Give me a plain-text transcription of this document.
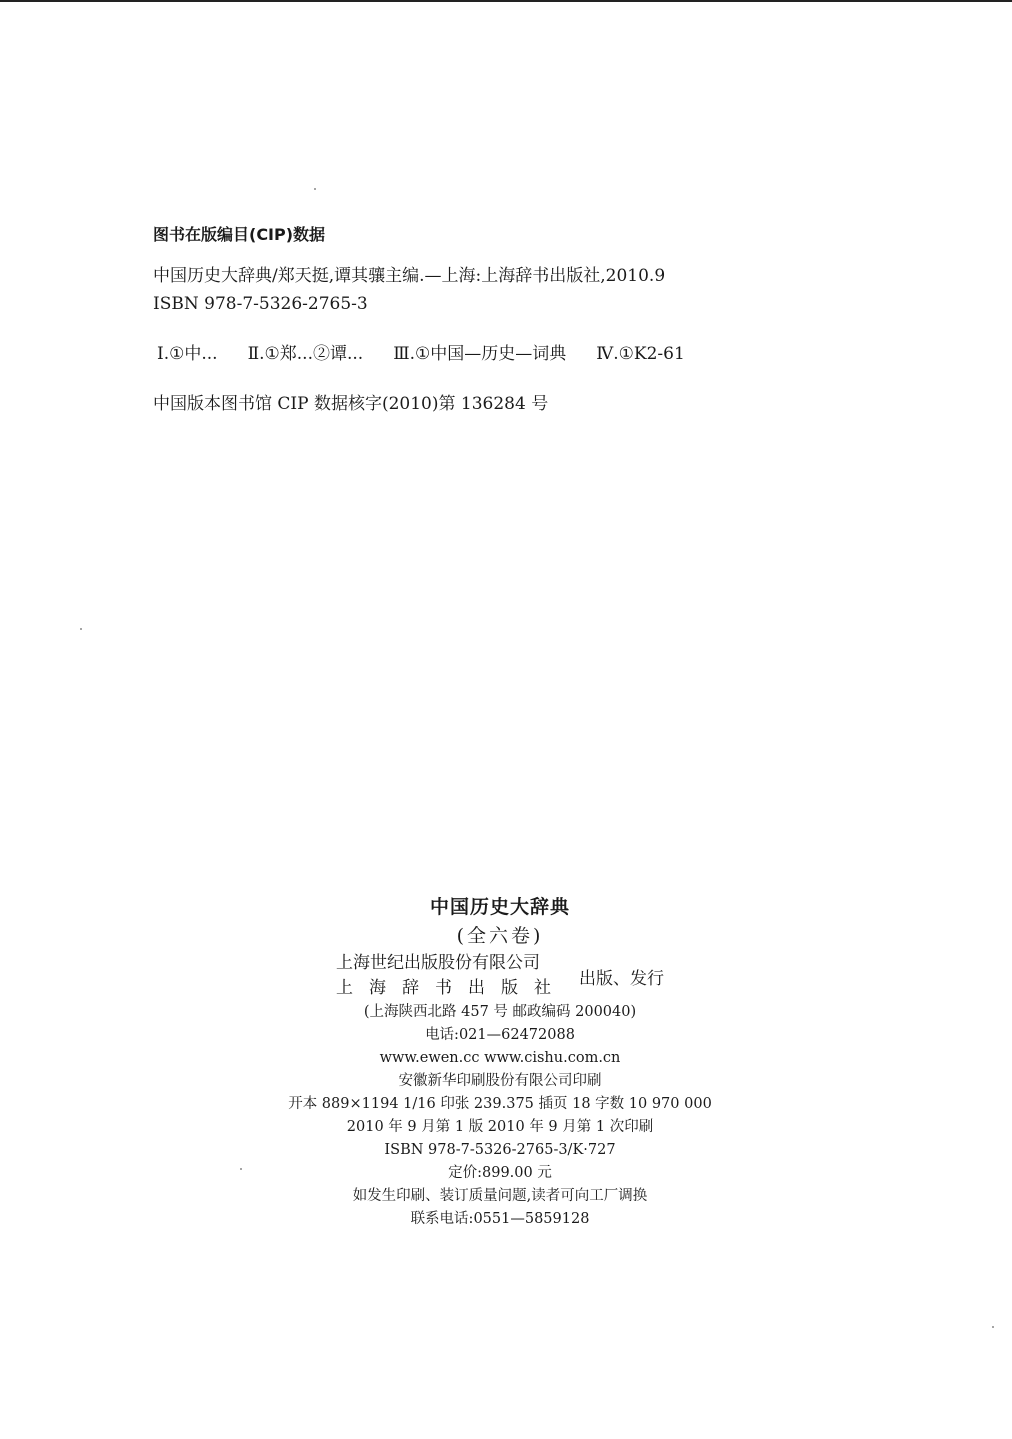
图书在版编目(CIP)数据

中国历史大辞典/郑天挺,谭其骧主编.—上海:上海辞书出版社,2010.9

ISBN 978-7-5326-2765-3

Ⅰ.①中... Ⅱ.①郑...②谭... Ⅲ.①中国—历史—词典 Ⅳ.①K2-61

中国版本图书馆 CIP 数据核字(2010)第 136284 号

中国历史大辞典

(全六卷)

上海世纪出版股份有限公司
上海辞书出版社 出版、发行

(上海陕西北路 457 号 邮政编码 200040)

电话:021—62472088

www.ewen.cc www.cishu.com.cn

安徽新华印刷股份有限公司印刷

开本 889×1194 1/16 印张 239.375 插页 18 字数 10 970 000

2010 年 9 月第 1 版 2010 年 9 月第 1 次印刷

ISBN 978-7-5326-2765-3/K·727

定价:899.00 元

如发生印刷、装订质量问题,读者可向工厂调换

联系电话:0551—5859128
